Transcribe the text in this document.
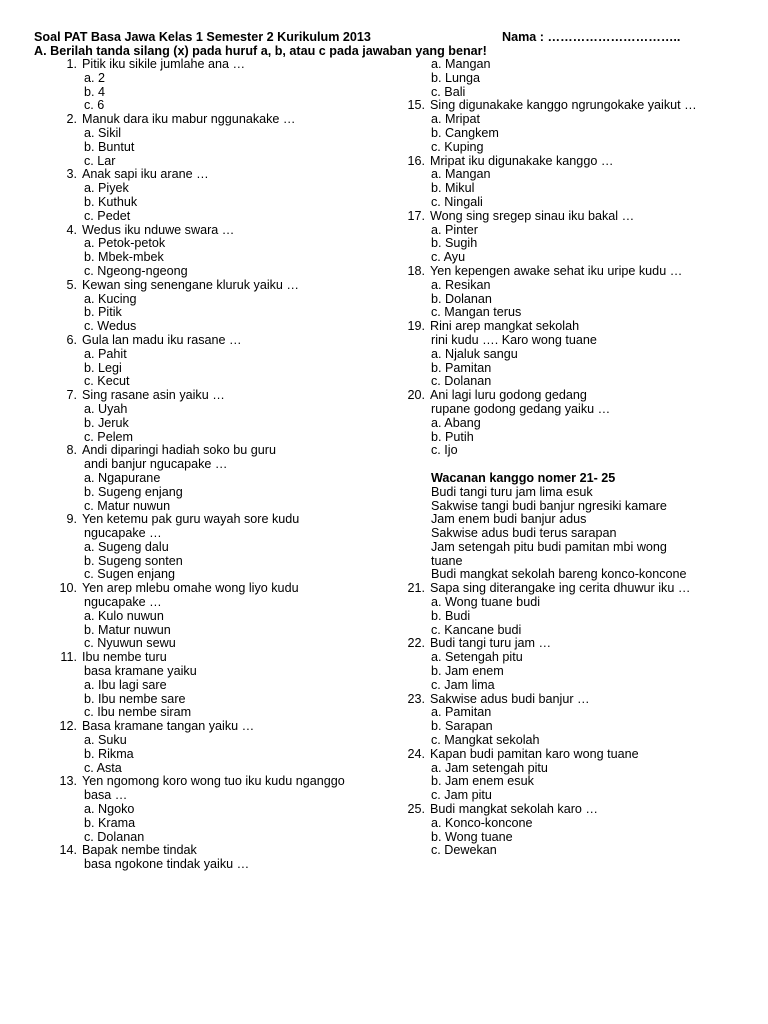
Soal PAT Basa Jawa Kelas 1 Semester 2 Kurikulum 2013	Nama : …………………………..
A. Berilah tanda silang (x) pada huruf a, b, atau c pada jawaban yang benar!
1. Pitik iku sikile jumlahe ana …
a. 2
b. 4
c. 6
2. Manuk dara iku mabur nggunakake …
a. Sikil
b. Buntut
c. Lar
3. Anak sapi iku arane …
a. Piyek
b. Kuthuk
c. Pedet
4. Wedus iku nduwe swara …
a. Petok-petok
b. Mbek-mbek
c. Ngeong-ngeong
5. Kewan sing senengane kluruk yaiku …
a. Kucing
b. Pitik
c. Wedus
6. Gula lan madu iku rasane …
a. Pahit
b. Legi
c. Kecut
7. Sing rasane asin yaiku …
a. Uyah
b. Jeruk
c. Pelem
8. Andi diparingi hadiah soko bu guru
andi banjur ngucapake …
a. Ngapurane
b. Sugeng enjang
c. Matur nuwun
9. Yen ketemu pak guru wayah sore kudu
ngucapake …
a. Sugeng dalu
b. Sugeng sonten
c. Sugen enjang
10. Yen arep mlebu omahe wong liyo kudu
ngucapake …
a. Kulo nuwun
b. Matur nuwun
c. Nyuwun sewu
11. Ibu nembe turu
basa kramane yaiku
a. Ibu lagi sare
b. Ibu nembe sare
c. Ibu nembe siram
12. Basa kramane tangan yaiku …
a. Suku
b. Rikma
c. Asta
13. Yen ngomong koro wong tuo iku kudu nganggo
basa …
a. Ngoko
b. Krama
c. Dolanan
14. Bapak nembe tindak
basa ngokone tindak yaiku …
a. Mangan
b. Lunga
c. Bali
15. Sing digunakake kanggo ngrungokake yaikut …
a. Mripat
b. Cangkem
c. Kuping
16. Mripat iku digunakake kanggo …
a. Mangan
b. Mikul
c. Ningali
17. Wong sing sregep sinau iku bakal …
a. Pinter
b. Sugih
c. Ayu
18. Yen kepengen awake sehat iku uripe kudu …
a. Resikan
b. Dolanan
c. Mangan terus
19. Rini arep mangkat sekolah
rini kudu …. Karo wong tuane
a. Njaluk sangu
b. Pamitan
c. Dolanan
20. Ani lagi luru godong gedang
rupane godong gedang yaiku …
a. Abang
b. Putih
c. Ijo
Wacanan kanggo nomer 21- 25
Budi tangi turu jam lima esuk
Sakwise tangi budi banjur ngresiki kamare
Jam enem budi banjur adus
Sakwise adus budi terus sarapan
Jam setengah pitu budi pamitan mbi wong
tuane
Budi mangkat sekolah bareng konco-koncone
21. Sapa sing diterangake ing cerita dhuwur iku …
a. Wong tuane budi
b. Budi
c. Kancane budi
22. Budi tangi turu jam …
a. Setengah pitu
b. Jam enem
c. Jam lima
23. Sakwise adus budi banjur …
a. Pamitan
b. Sarapan
c. Mangkat sekolah
24. Kapan budi pamitan karo wong tuane
a. Jam setengah pitu
b. Jam enem esuk
c. Jam pitu
25. Budi mangkat sekolah karo …
a. Konco-koncone
b. Wong tuane
c. Dewekan
